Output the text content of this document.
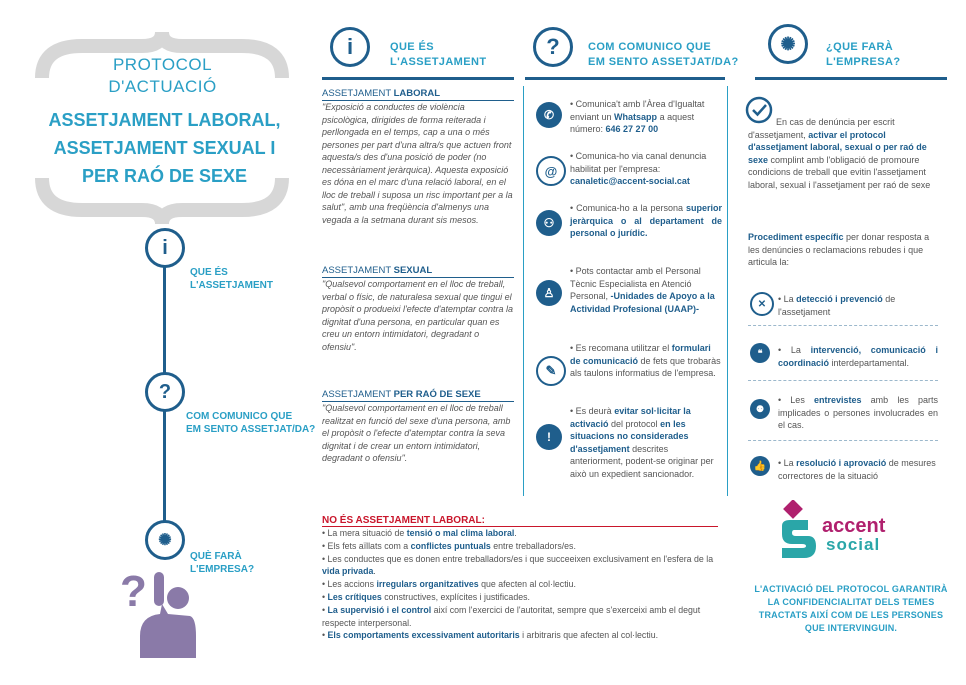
PROTOCOL
D'ACTUACIÓ
ASSETJAMENT LABORAL,
ASSETJAMENT SEXUAL I
PER RAÓ DE SEXE
i
QUE ÉS
L'ASSETJAMENT
?
COM COMUNICO QUE
EM SENTO ASSETJAT/DA?
✺
QUÈ FARÀ
L'EMPRESA?
?
i	QUE ÉS
L'ASSETJAMENT
?	COM COMUNICO QUE
EM SENTO ASSETJAT/DA?
✺	¿QUE FARÀ
L'EMPRESA?
ASSETJAMENT LABORAL
"Exposició a conductes de violència psicològica, dirigides de forma reiterada i perllongada en el temps, cap a una o més persones per part d'una altra/s que actuen front aquesta/s des d'una posició de poder (no necessàriament jeràrquica). Aquesta exposició es dóna en el marc d'una relació laboral, en el lloc de treball i suposa un risc important per a la salut", amb una freqüència d'almenys una vegada a la setmana durant sis mesos.
ASSETJAMENT SEXUAL
"Qualsevol comportament en el lloc de treball, verbal o físic, de naturalesa sexual que tingui el propòsit o produeixi l'efecte d'atemptar contra la dignitat d'una persona, en particular quan es creu un entorn intimidatori, degradant o ofensiu".
ASSETJAMENT PER RAÓ DE SEXE
"Qualsevol comportament en el lloc de treball realitzat en funció del sexe d'una persona, amb el propòsit o l'efecte d'atemptar contra la seva dignitat i de crear un entorn intimidatori, degradant o ofensiu".
✆
• Comunica't amb l'Àrea d'Igualtat enviant un Whatsapp a aquest número: 646 27 27 00
@
• Comunica-ho via canal denuncia habilitat per l'empresa: canaletic@accent-social.cat
⚇
• Comunica-ho a la persona superior jeràrquica o al departament de personal o jurídic.
♙
• Pots contactar amb el Personal Tècnic Especialista en Atenció Personal, -Unidades de Apoyo a la Actividad Profesional (UAAP)-
✎
• Es recomana utilitzar el formulari de comunicació de fets que trobaràs als taulons informatius de l'empresa.
!
• Es deurà evitar sol·licitar la activació del protocol en les situacions no considerades d'assetjament descrites anteriorment, podent-se originar per això un expedient sancionador.
En cas de denúncia per escrit d'assetjament, activar el protocol d'assetjament laboral, sexual o per raó de sexe complint amb l'obligació de promoure condicions de treball que evitin l'assetjament laboral, sexual i l'assetjament per raó de sexe
Procediment específic per donar resposta a les denúncies o reclamacions rebudes i que articula la:
✕	• La detecció i prevenció de l'assetjament
❝	• La intervenció, comunicació i coordinació interdepartamental.
⚉
• Les entrevistes amb les parts implicades o persones involucrades en el cas.
👍	• La resolució i aprovació de mesures correctores de la situació
NO ÉS ASSETJAMENT LABORAL:
• La mera situació de tensió o mal clima laboral.
• Els fets aïllats com a conflictes puntuals entre treballadors/es.
• Les conductes que es donen entre treballadors/es i que succeeixen exclusivament en l'esfera de la vida privada.
• Les accions irregulars organitzatives que afecten al col·lectiu.
• Les crítiques constructives, explícites i justificades.
• La supervisió i el control així com l'exercici de l'autoritat, sempre que s'exerceixi amb el degut respecte interpersonal.
• Els comportaments excessivament autoritaris i arbitraris que afecten al col·lectiu.
accent
social
L'ACTIVACIÓ DEL PROTOCOL GARANTIRÀ LA CONFIDENCIALITAT DELS TEMES TRACTATS AIXÍ COM DE LES PERSONES QUE INTERVINGUIN.
